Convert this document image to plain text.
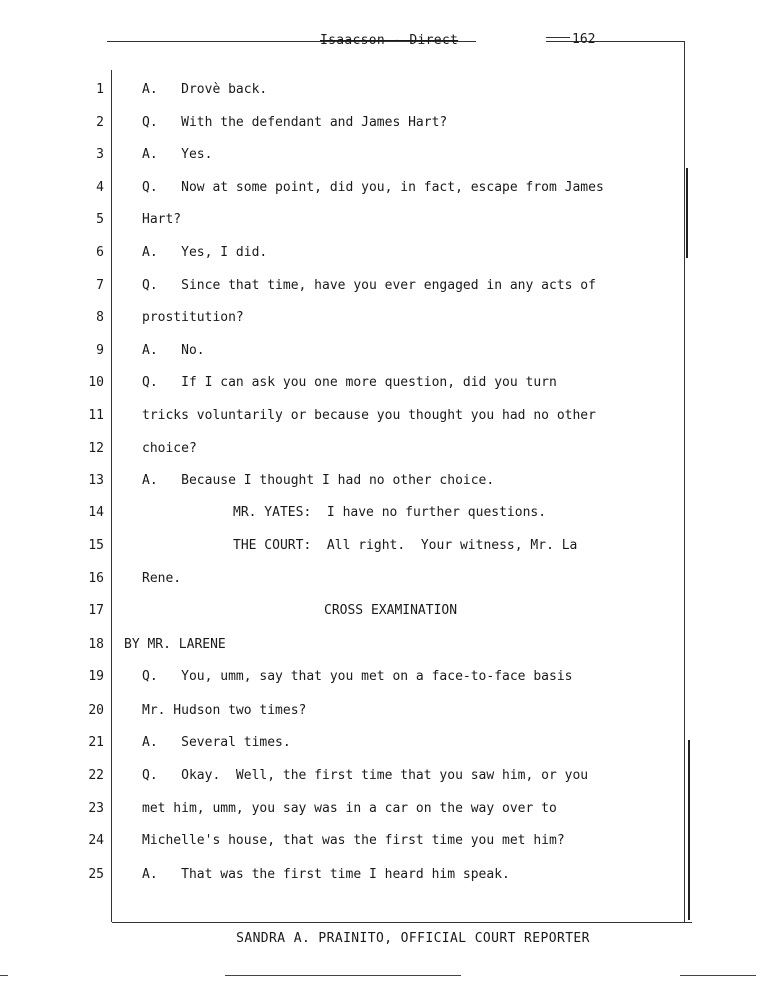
Isaacson - Direct	162
1	A.   Drovè back.
2	Q.   With the defendant and James Hart?
3	A.   Yes.
4	Q.   Now at some point, did you, in fact, escape from James
5	Hart?
6	A.   Yes, I did.
7	Q.   Since that time, have you ever engaged in any acts of
8	prostitution?
9	A.   No.
10	Q.   If I can ask you one more question, did you turn
11	tricks voluntarily or because you thought you had no other
12	choice?
13	A.   Because I thought I had no other choice.
14	MR. YATES:  I have no further questions.
15	THE COURT:  All right.  Your witness, Mr. La
16	Rene.
17	CROSS EXAMINATION
18 BY MR. LARENE
19	Q.   You, umm, say that you met on a face-to-face basis
20	Mr. Hudson two times?
21	A.   Several times.
22	Q.   Okay.  Well, the first time that you saw him, or you
23	met him, umm, you say was in a car on the way over to
24	Michelle's house, that was the first time you met him?
25	A.   That was the first time I heard him speak.
SANDRA A. PRAINITO, OFFICIAL COURT REPORTER
